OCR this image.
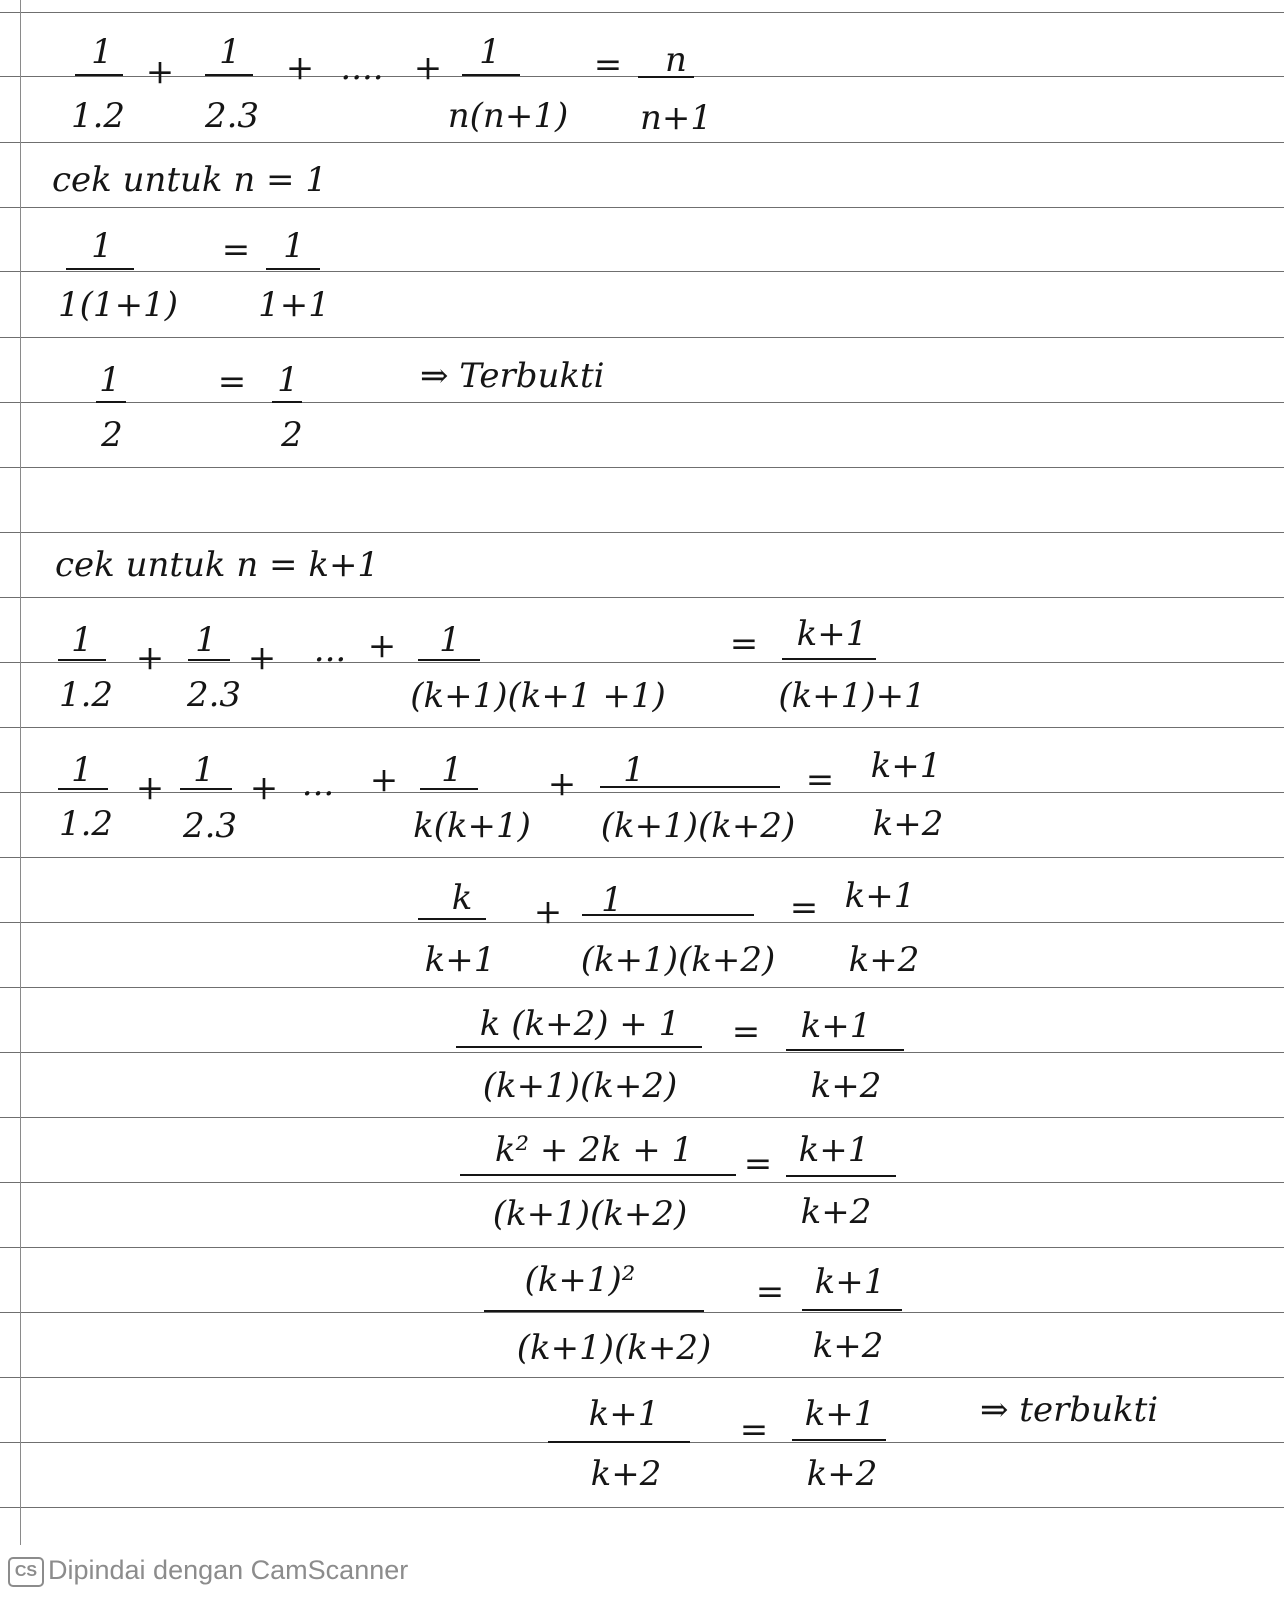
1
1.2
+ 1
2.3
+ .... + 1
n(n+1)
= n
n+1
cek untuk n = 1
1
1(1+1)
= 1
1+1
1
2
= 1
2
⇒ Terbukti
cek untuk n = k+1
1
1.2
+ 1
2.3
+ ... + 1
(k+1)(k+1 +1)
= k+1
(k+1)+1
1
1.2
+ 1
2.3
+ ... + 1
k(k+1)
+ 1
(k+1)(k+2)
= k+1
k+2
k
k+1
+ 1
(k+1)(k+2)
= k+1
k+2
k (k+2) + 1
(k+1)(k+2)
= k+1
k+2
k² + 2k + 1
(k+1)(k+2)
= k+1
k+2
(k+1)²
(k+1)(k+2)
= k+1
k+2
k+1
k+2
= k+1
k+2
⇒ terbukti
CS Dipindai dengan CamScanner
